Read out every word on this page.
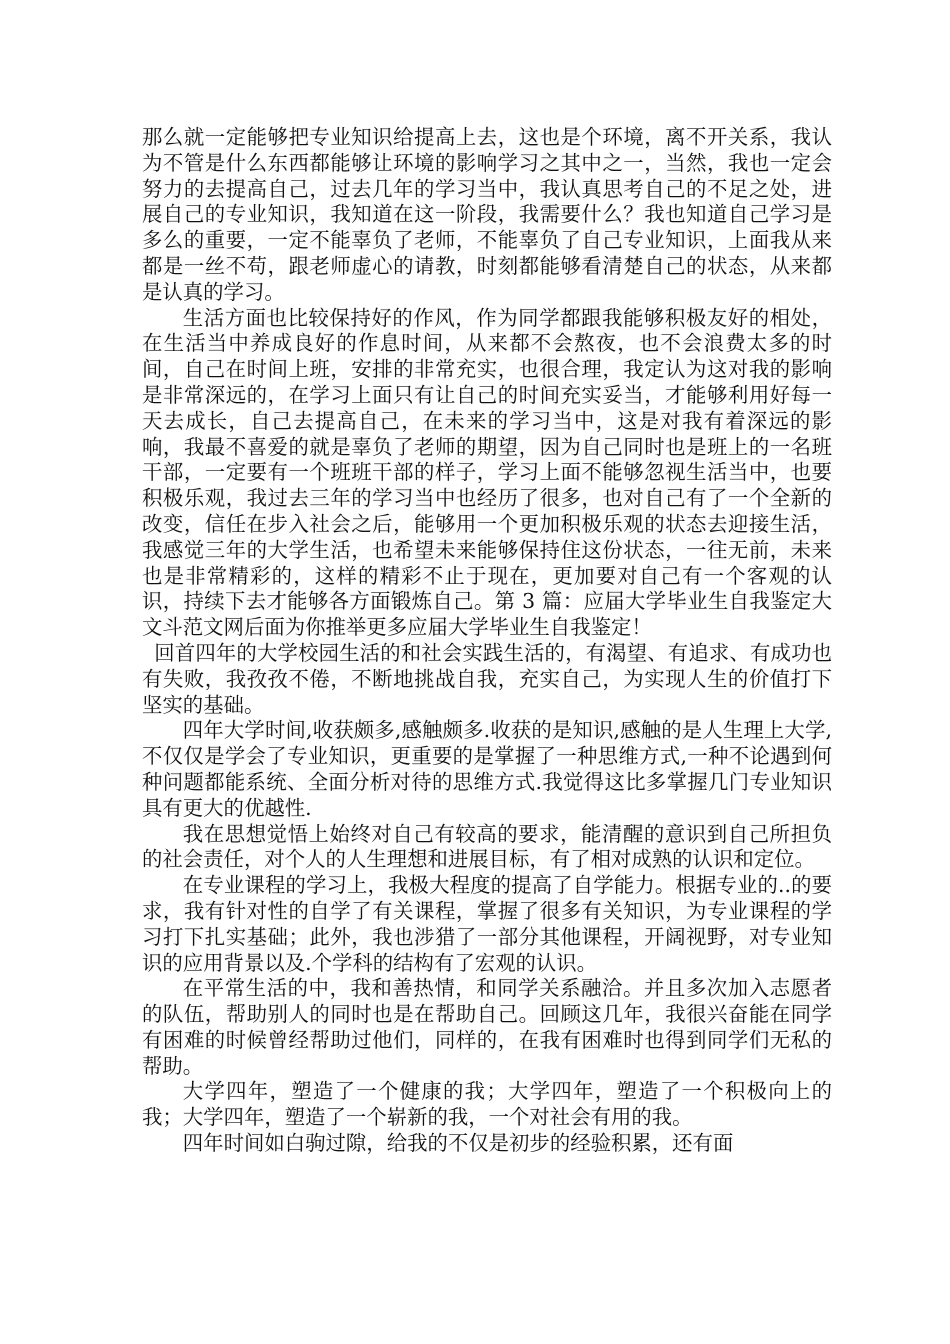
那么就一定能够把专业知识给提高上去，这也是个环境，离不开关系，我认为不管是什么东西都能够让环境的影响学习之其中之一，当然，我也一定会努力的去提高自己，过去几年的学习当中，我认真思考自己的不足之处，进展自己的专业知识，我知道在这一阶段，我需要什么？我也知道自己学习是多么的重要，一定不能辜负了老师，不能辜负了自己专业知识，上面我从来都是一丝不苟，跟老师虚心的请教，时刻都能够看清楚自己的状态，从来都是认真的学习。

生活方面也比较保持好的作风，作为同学都跟我能够积极友好的相处，在生活当中养成良好的作息时间，从来都不会熬夜，也不会浪费太多的时间，自己在时间上班，安排的非常充实，也很合理，我定认为这对我的影响是非常深远的，在学习上面只有让自己的时间充实妥当，才能够利用好每一天去成长，自己去提高自己，在未来的学习当中，这是对我有着深远的影响，我最不喜爱的就是辜负了老师的期望，因为自己同时也是班上的一名班干部，一定要有一个班班干部的样子，学习上面不能够忽视生活当中，也要积极乐观，我过去三年的学习当中也经历了很多，也对自己有了一个全新的改变，信任在步入社会之后，能够用一个更加积极乐观的状态去迎接生活，我感觉三年的大学生活，也希望未来能够保持住这份状态，一往无前，未来也是非常精彩的，这样的精彩不止于现在，更加要对自己有一个客观的认识，持续下去才能够各方面锻炼自己。第 3 篇：应届大学毕业生自我鉴定大文斗范文网后面为你推举更多应届大学毕业生自我鉴定！

回首四年的大学校园生活的和社会实践生活的，有渴望、有追求、有成功也有失败，我孜孜不倦，不断地挑战自我，充实自己，为实现人生的价值打下坚实的基础。

四年大学时间,收获颇多,感触颇多.收获的是知识,感触的是人生理上大学,不仅仅是学会了专业知识，更重要的是掌握了一种思维方式,一种不论遇到何种问题都能系统、全面分析对待的思维方式.我觉得这比多掌握几门专业知识具有更大的优越性.

我在思想觉悟上始终对自己有较高的要求，能清醒的意识到自己所担负的社会责任，对个人的人生理想和进展目标，有了相对成熟的认识和定位。

在专业课程的学习上，我极大程度的提高了自学能力。根据专业的..的要求，我有针对性的自学了有关课程，掌握了很多有关知识，为专业课程的学习打下扎实基础；此外，我也涉猎了一部分其他课程，开阔视野，对专业知识的应用背景以及.个学科的结构有了宏观的认识。

在平常生活的中，我和善热情，和同学关系融洽。并且多次加入志愿者的队伍，帮助别人的同时也是在帮助自己。回顾这几年，我很兴奋能在同学有困难的时候曾经帮助过他们，同样的，在我有困难时也得到同学们无私的帮助。

大学四年，塑造了一个健康的我；大学四年，塑造了一个积极向上的我；大学四年，塑造了一个崭新的我，一个对社会有用的我。

四年时间如白驹过隙，给我的不仅是初步的经验积累，还有面
